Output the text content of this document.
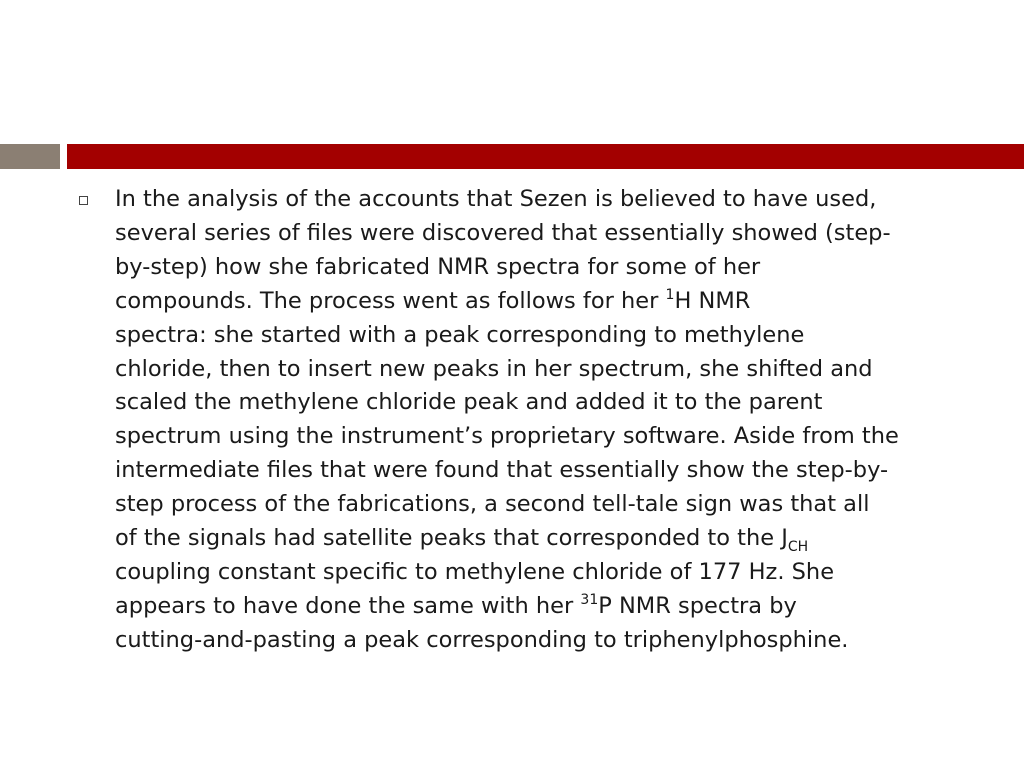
In the analysis of the accounts that Sezen is believed to have used,
several series of files were discovered that essentially showed (step-
by-step) how she fabricated NMR spectra for some of her
compounds. The process went as follows for her $^1$H NMR
spectra: she started with a peak corresponding to methylene
chloride, then to insert new peaks in her spectrum, she shifted and
scaled the methylene chloride peak and added it to the parent
spectrum using the instrument’s proprietary software. Aside from the
intermediate files that were found that essentially show the step-by-
step process of the fabrications, a second tell-tale sign was that all
of the signals had satellite peaks that corresponded to the $J_{CH}$
coupling constant specific to methylene chloride of 177 Hz. She
appears to have done the same with her $^{31}$P NMR spectra by
cutting-and-pasting a peak corresponding to triphenylphosphine.
